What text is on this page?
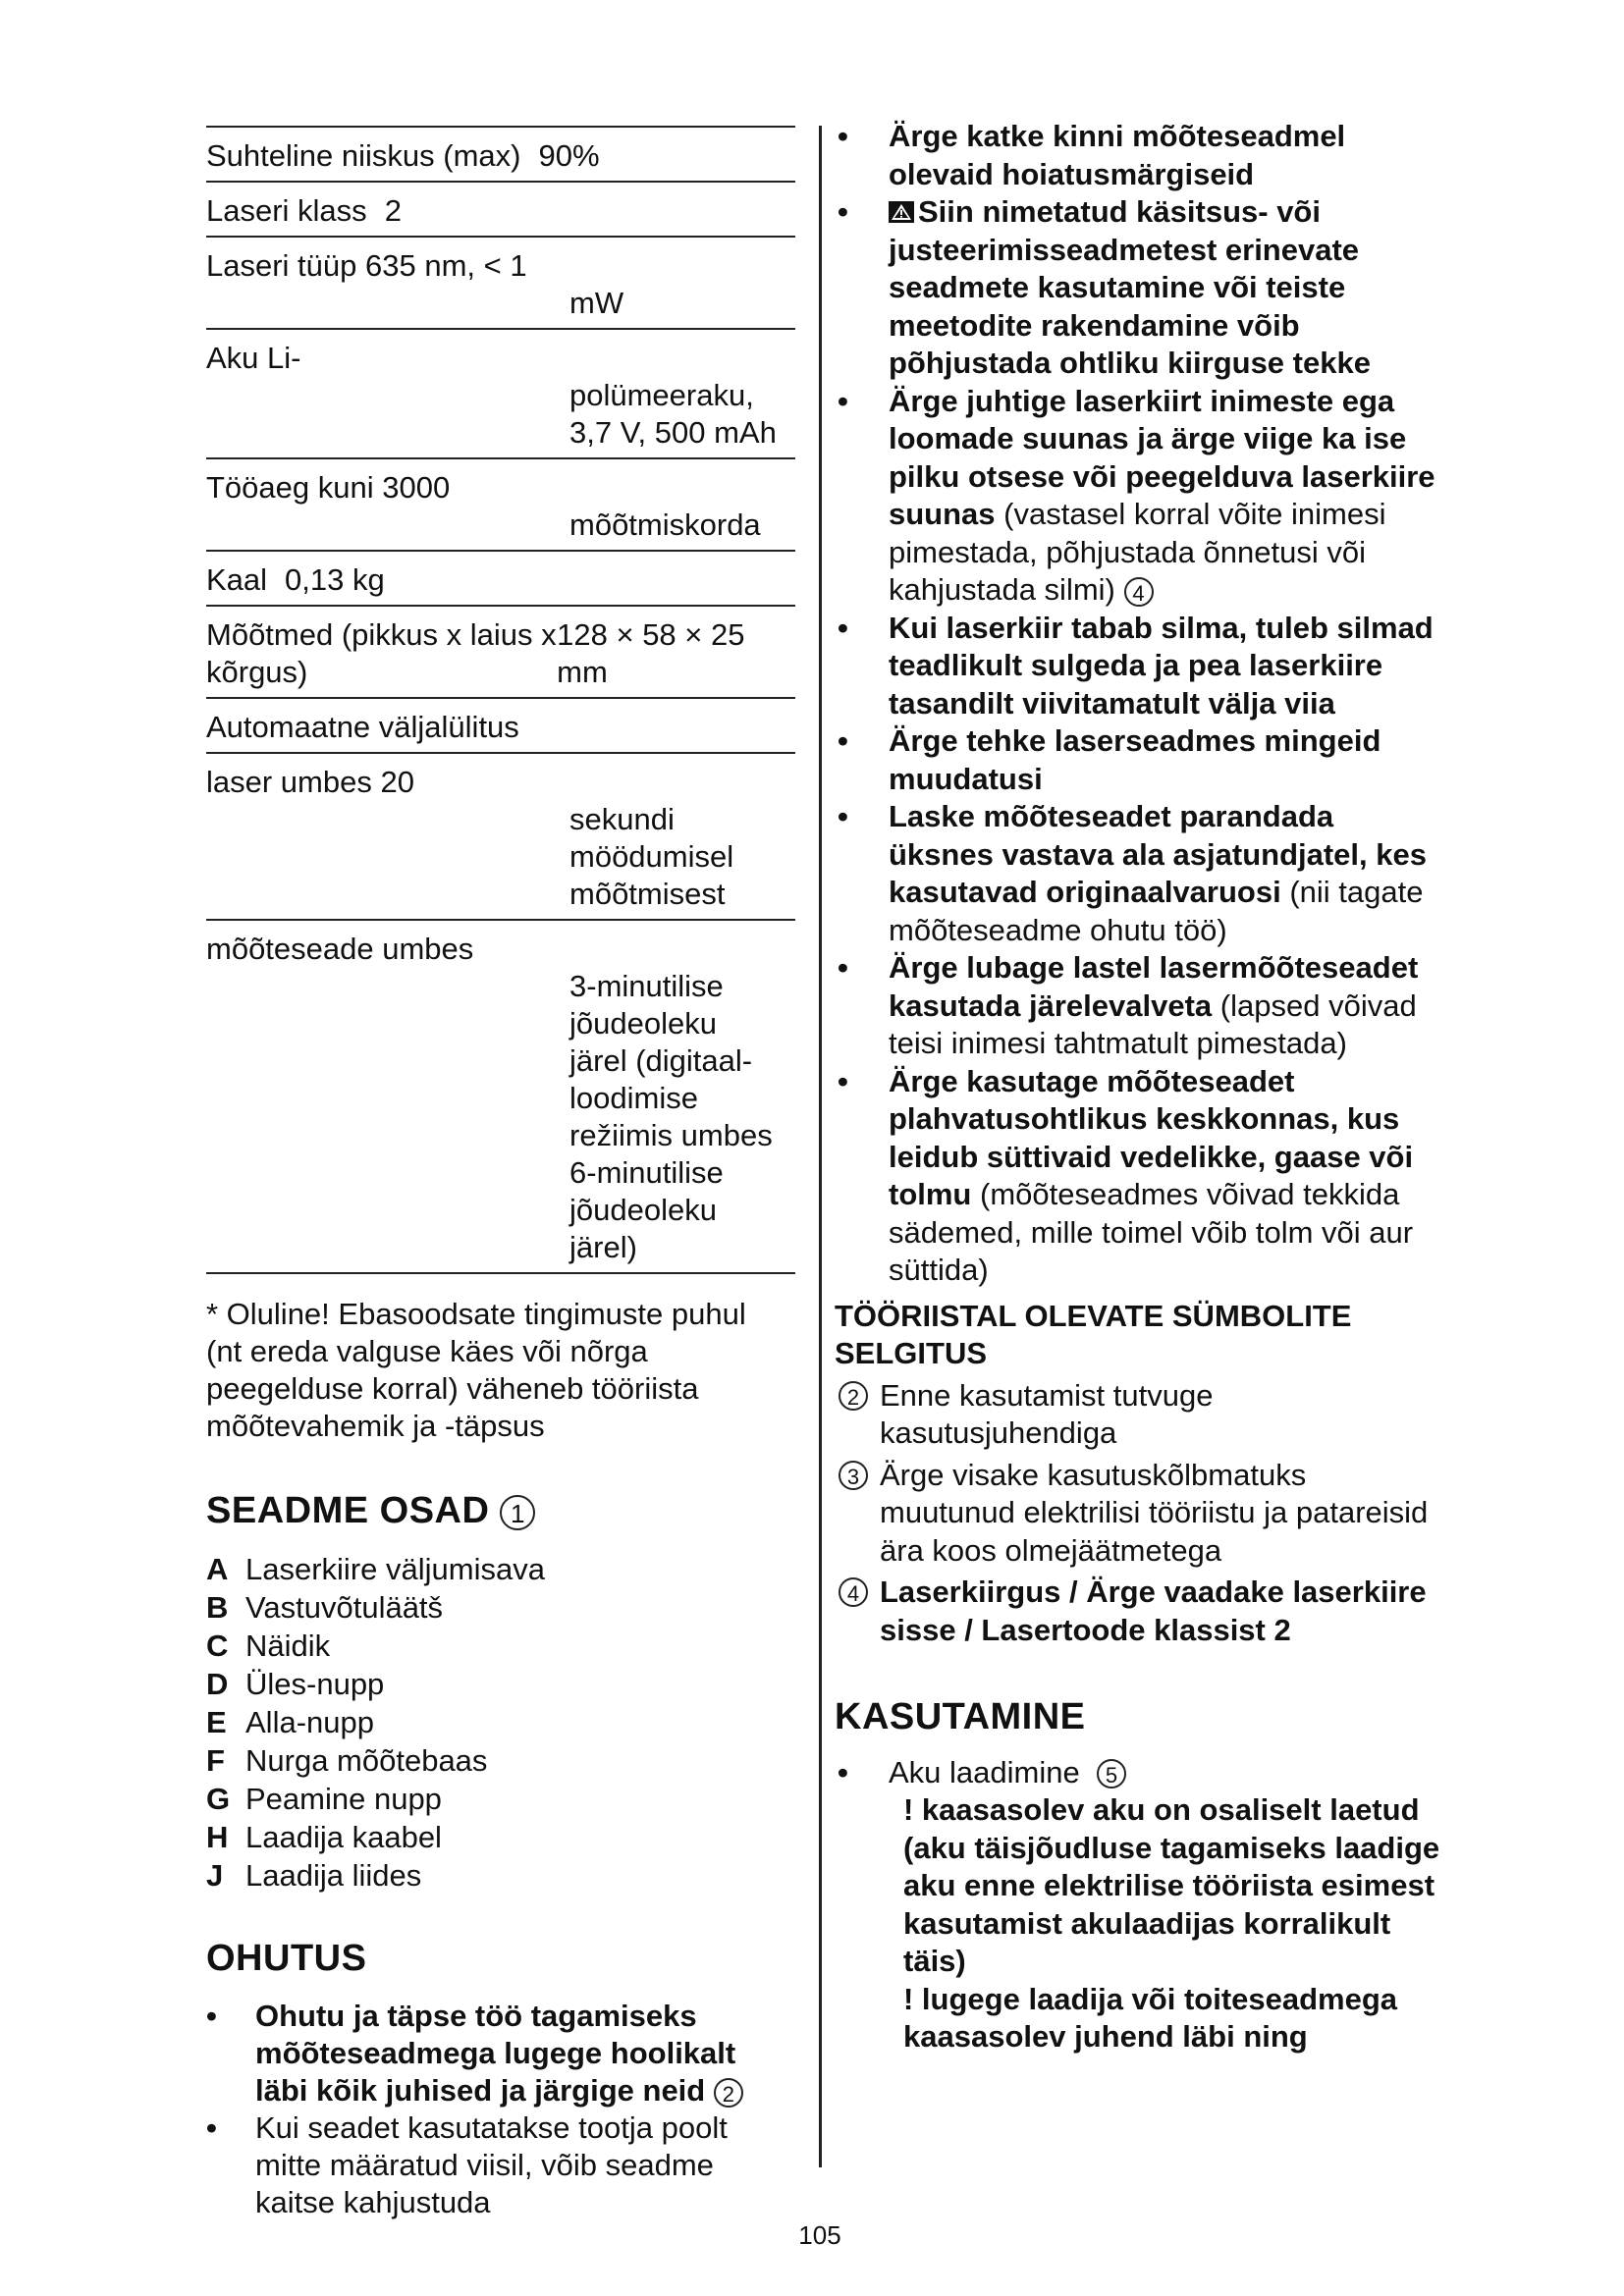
Suhteline niiskus (max) 90%
Laseri klass 2
Laseri tüüp 635 nm, < 1
mW
Aku Li-
polümeeraku,
3,7 V, 500 mAh
Tööaeg kuni 3000
mõõtmiskorda
Kaal 0,13 kg
Mõõtmed (pikkus x laius x kõrgus)
128 × 58 × 25 mm
Automaatne väljalülitus
laser umbes 20
sekundi
möödumisel
mõõtmisest
mõõteseade umbes
3-minutilise
jõudeoleku
järel (digitaal-
loodimise
režiimis umbes
6-minutilise
jõudeoleku
järel)
* Oluline! Ebasoodsate tingimuste puhul (nt ereda valguse käes või nõrga peegelduse korral) väheneb tööriista mõõtevahemik ja -täpsus
SEADME OSAD 1
A Laserkiire väljumisava
B Vastuvõtuläätš
C Näidik
D Üles-nupp
E Alla-nupp
F Nurga mõõtebaas
G Peamine nupp
H Laadija kaabel
J Laadija liides
OHUTUS
• Ohutu ja täpse töö tagamiseks mõõteseadmega lugege hoolikalt läbi kõik juhised ja järgige neid 2
• Kui seadet kasutatakse tootja poolt mitte määratud viisil, võib seadme kaitse kahjustuda
• Ärge katke kinni mõõteseadmel olevaid hoiatusmärgiseid
• Siin nimetatud käsitsus- või justeerimisseadmetest erinevate seadmete kasutamine või teiste meetodite rakendamine võib põhjustada ohtliku kiirguse tekke
• Ärge juhtige laserkiirt inimeste ega loomade suunas ja ärge viige ka ise pilku otsese või peegelduva laserkiire suunas (vastasel korral võite inimesi pimestada, põhjustada õnnetusi või kahjustada silmi) 4
• Kui laserkiir tabab silma, tuleb silmad teadlikult sulgeda ja pea laserkiire tasandilt viivitamatult välja viia
• Ärge tehke laserseadmes mingeid muudatusi
• Laske mõõteseadet parandada üksnes vastava ala asjatundjatel, kes kasutavad originaalvaruosi (nii tagate mõõteseadme ohutu töö)
• Ärge lubage lastel lasermõõteseadet kasutada järelevalveta (lapsed võivad teisi inimesi tahtmatult pimestada)
• Ärge kasutage mõõteseadet plahvatusohtlikus keskkonnas, kus leidub süttivaid vedelikke, gaase või tolmu (mõõteseadmes võivad tekkida sädemed, mille toimel võib tolm või aur süttida)
TÖÖRIISTAL OLEVATE SÜMBOLITE SELGITUS
2 Enne kasutamist tutvuge kasutusjuhendiga
3 Ärge visake kasutuskõlbmatuks muutunud elektrilisi tööriistu ja patareisid ära koos olmejäätmetega
4 Laserkiirgus / Ärge vaadake laserkiire sisse / Lasertoode klassist 2
KASUTAMINE
• Aku laadimine 5
! kaasasolev aku on osaliselt laetud (aku täisjõudluse tagamiseks laadige aku enne elektrilise tööriista esimest kasutamist akulaadijas korralikult täis)
! lugege laadija või toiteseadmega kaasasolev juhend läbi ning
105
